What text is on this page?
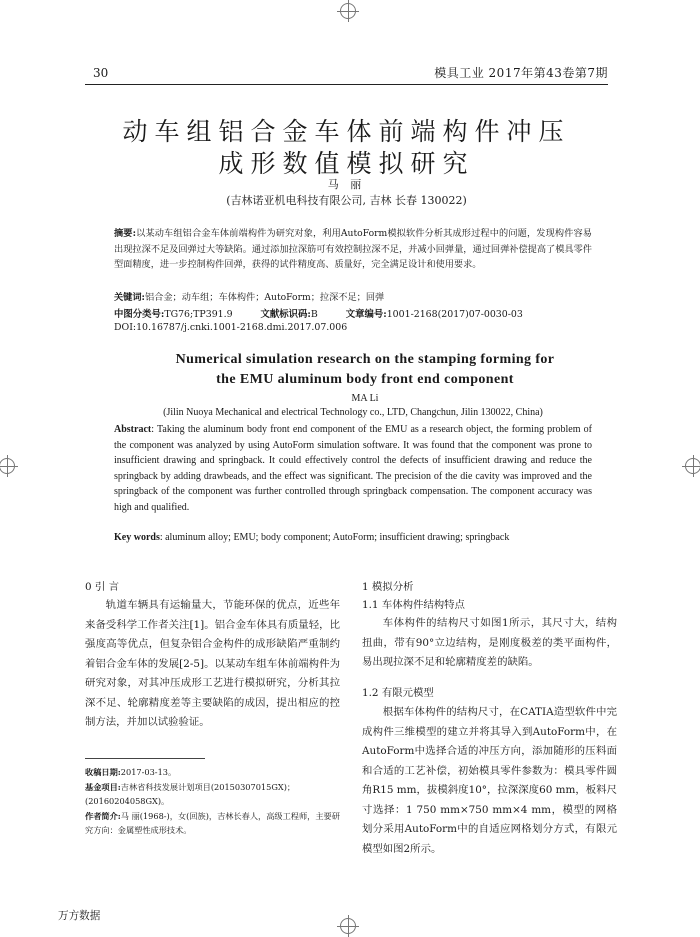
30	模具工业 2017年第43卷第7期
动车组铝合金车体前端构件冲压
成形数值模拟研究
马 丽
(吉林诺亚机电科技有限公司, 吉林 长春 130022)
摘要:以某动车组铝合金车体前端构件为研究对象，利用AutoForm模拟软件分析其成形过程中的问题，发现构件容易出现拉深不足及回弹过大等缺陷。通过添加拉深筋可有效控制拉深不足，并减小回弹量，通过回弹补偿提高了模具零件型面精度，进一步控制构件回弹，获得的试件精度高、质量好，完全满足设计和使用要求。
关键词:铝合金；动车组；车体构件；AutoForm；拉深不足；回弹
中图分类号:TG76;TP391.9	文献标识码:B	文章编号:1001-2168(2017)07-0030-03
DOI:10.16787/j.cnki.1001-2168.dmi.2017.07.006
Numerical simulation research on the stamping forming for
the EMU aluminum body front end component
MA Li
(Jilin Nuoya Mechanical and electrical Technology co., LTD, Changchun, Jilin 130022, China)
Abstract: Taking the aluminum body front end component of the EMU as a research object, the forming problem of the component was analyzed by using AutoForm simulation software. It was found that the component was prone to insufficient drawing and springback. It could effectively control the defects of insufficient drawing and reduce the springback by adding drawbeads, and the effect was significant. The precision of the die cavity was improved and the springback of the component was further controlled through springback compensation. The component accuracy was high and qualified.
Key words: aluminum alloy; EMU; body component; AutoForm; insufficient drawing; springback
0 引 言
轨道车辆具有运输量大，节能环保的优点，近些年来备受科学工作者关注[1]。铝合金车体具有质量轻，比强度高等优点，但复杂铝合金构件的成形缺陷严重制约着铝合金车体的发展[2-5]。以某动车组车体前端构件为研究对象，对其冲压成形工艺进行模拟研究，分析其拉深不足、轮廓精度差等主要缺陷的成因，提出相应的控制方法，并加以试验验证。
收稿日期:2017-03-13。
基金项目:吉林省科技发展计划项目(20150307015GX)；(20160204058GX)。
作者简介:马 丽(1968-)，女(回族)，吉林长春人，高级工程师，主要研究方向：金属塑性成形技术。
1 模拟分析
1.1 车体构件结构特点
车体构件的结构尺寸如图1所示，其尺寸大，结构扭曲，带有90°立边结构，是刚度极差的类平面构件，易出现拉深不足和轮廓精度差的缺陷。
1.2 有限元模型
根据车体构件的结构尺寸，在CATIA造型软件中完成构件三维模型的建立并将其导入到AutoForm中，在AutoForm中选择合适的冲压方向，添加随形的压料面和合适的工艺补偿，初始模具零件参数为：模具零件圆角R15 mm，拔模斜度10°，拉深深度60 mm，板料尺寸选择：1 750 mm×750 mm×4 mm，模型的网格划分采用AutoForm中的自适应网格划分方式，有限元模型如图2所示。
万方数据
